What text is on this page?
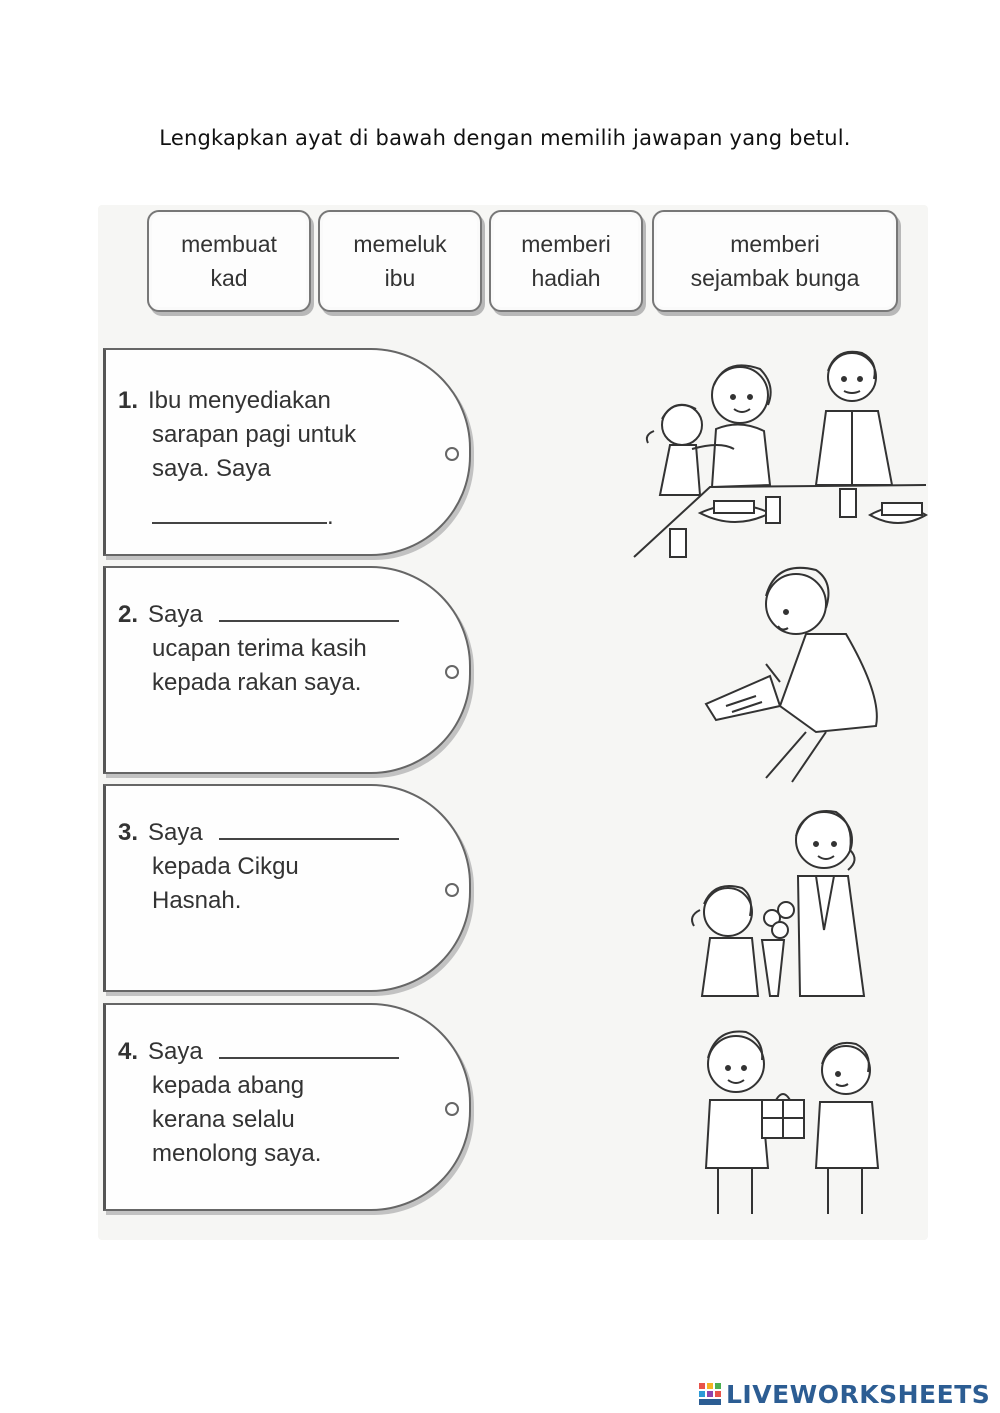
Lengkapkan ayat di bawah dengan memilih jawapan yang betul.
membuat
kad
memeluk
ibu
memberi
hadiah
memberi
sejambak bunga
1. Ibu menyediakan
sarapan pagi untuk
saya. Saya
.
2. Saya
ucapan terima kasih
kepada rakan saya.
3. Saya
kepada Cikgu
Hasnah.
4. Saya
kepada abang
kerana selalu
menolong saya.
LIVEWORKSHEETS
